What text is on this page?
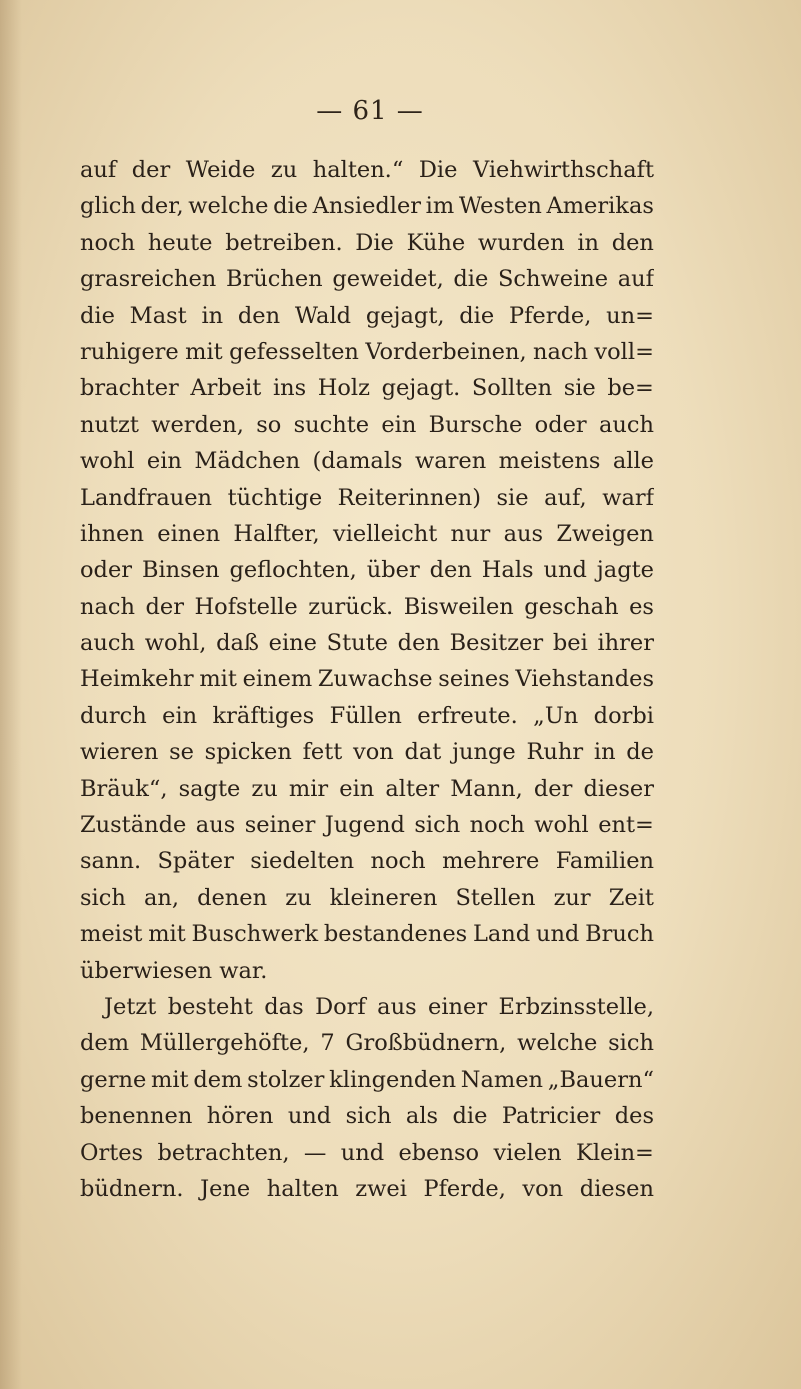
— 61 —
auf der Weide zu halten.“ Die Viehwirthschaft
glich der, welche die Ansiedler im Westen Amerikas
noch heute betreiben. Die Kühe wurden in den
grasreichen Brüchen geweidet, die Schweine auf
die Mast in den Wald gejagt, die Pferde, un=
ruhigere mit gefesselten Vorderbeinen, nach voll=
brachter Arbeit ins Holz gejagt. Sollten sie be=
nutzt werden, so suchte ein Bursche oder auch
wohl ein Mädchen (damals waren meistens alle
Landfrauen tüchtige Reiterinnen) sie auf, warf
ihnen einen Halfter, vielleicht nur aus Zweigen
oder Binsen geflochten, über den Hals und jagte
nach der Hofstelle zurück. Bisweilen geschah es
auch wohl, daß eine Stute den Besitzer bei ihrer
Heimkehr mit einem Zuwachse seines Viehstandes
durch ein kräftiges Füllen erfreute. „Un dorbi
wieren se spicken fett von dat junge Ruhr in de
Bräuk“, sagte zu mir ein alter Mann, der dieser
Zustände aus seiner Jugend sich noch wohl ent=
sann. Später siedelten noch mehrere Familien
sich an, denen zu kleineren Stellen zur Zeit
meist mit Buschwerk bestandenes Land und Bruch
überwiesen war.
Jetzt besteht das Dorf aus einer Erbzinsstelle,
dem Müllergehöfte, 7 Großbüdnern, welche sich
gerne mit dem stolzer klingenden Namen „Bauern“
benennen hören und sich als die Patricier des
Ortes betrachten, — und ebenso vielen Klein=
büdnern. Jene halten zwei Pferde, von diesen
